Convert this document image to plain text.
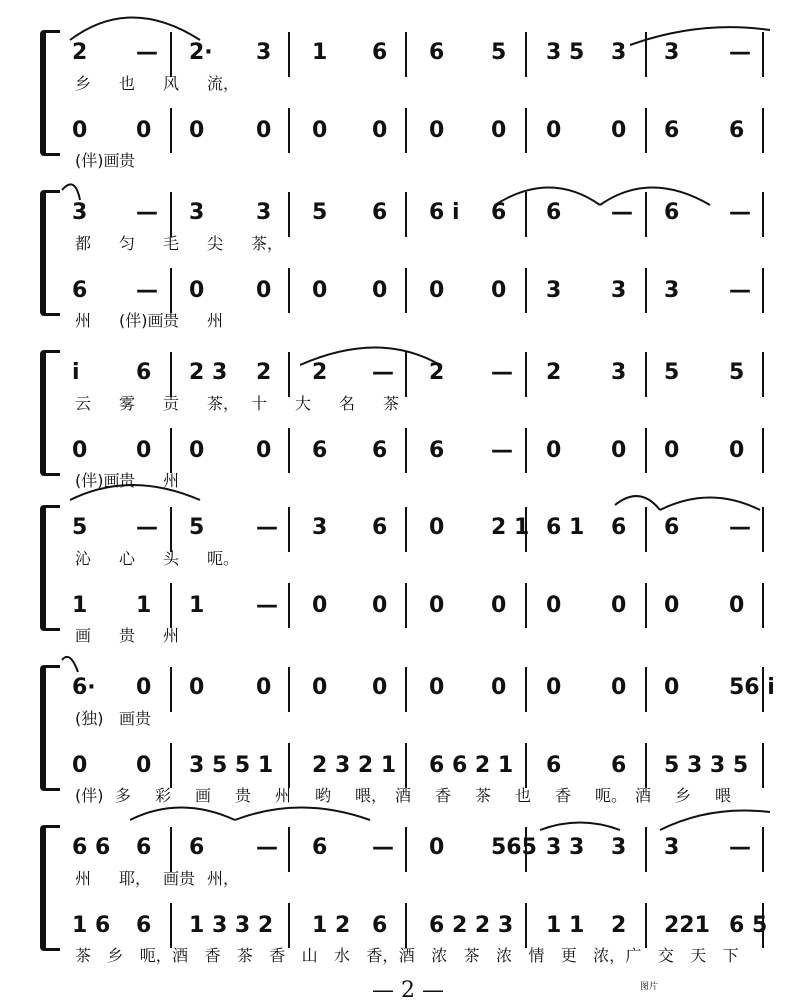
2 — 2· 3 1 6 6 5 3 5 3 3 —
0 0 0 0 0 0 0 0 0 0 6 6
乡 也 风 流，
(伴)画 贵
3 — 3 3 5 6 6 i 6 6 — 6 —
6 — 0 0 0 0 0 0 3 3 3 —
都 匀 毛 尖 茶，
州 (伴)画 贵 州
i	6 2 3 2 2 — 2 — 2 3 5 5
0 0 0 0 6 6 6 — 0 0 0 0
云 雾 贡 茶， 十 大 名 茶
(伴)画 贵 州
5 — 5 — 3 6 0 2 1 6 1 6 6 —
1 1 1 — 0 0 0 0 0 0 0 0
沁 心 头 呃。
画 贵 州
6· 0 0 0 0 0 0 0 0 0 0 56 i
0 0 3 5 5 1 2 3 2 1 6 6 2 1 6 6 5 3 3 5
(独) 画贵
(伴) 多 彩 画 贵 州 哟 喂， 酒 香 茶 也 香 呃。 酒 乡 喂
6 6 6 6 — 6 — 0 565 3 3 3 3 —
1 6 6 1 3 3 2 1 2 6 6 2 2 3 1 1 2 221 6 5
州 耶， 画贵 州，
茶 乡 呃， 酒 香 茶 香 山 水 香， 酒 浓 茶 浓 情 更 浓， 广 交 天 下
— 2 —	图片
